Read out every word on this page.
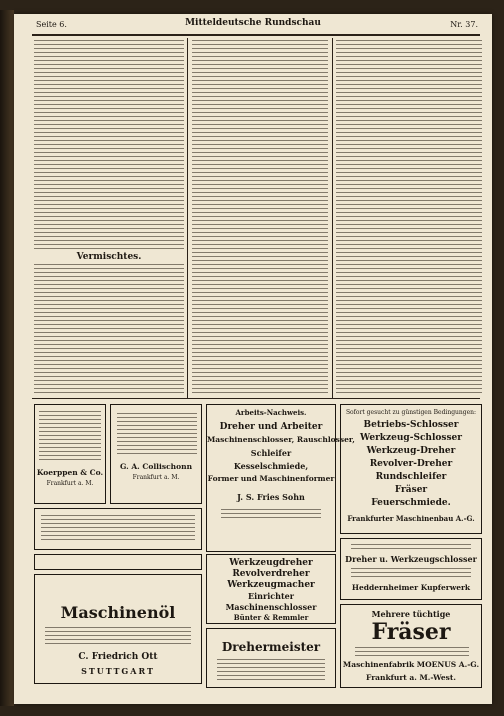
Seite 6.	Mitteldeutsche Rundschau	Nr. 37.
Vermischtes.
Koerppen & Co.
Frankfurt a. M.
G. A. Collischonn
Frankfurt a. M.
Maschinenöl
C. Friedrich Ott
STUTTGART
Arbeits-Nachweis.
Dreher und Arbeiter
Maschinenschlosser, Rauschlosser,
Schleifer
Kesselschmiede,
Former und Maschinenformer
J. S. Fries Sohn
Werkzeugdreher
Revolverdreher
Werkzeugmacher
Einrichter
Maschinenschlosser
Bünter & Remmler
Drehermeister
Sofort gesucht zu günstigen Bedingungen:
Betriebs-Schlosser
Werkzeug-Schlosser
Werkzeug-Dreher
Revolver-Dreher
Rundschleifer
Fräser
Feuerschmiede.
Frankfurter Maschinenbau A.-G.
Dreher u. Werkzeugschlosser
Heddernheimer Kupferwerk
Mehrere tüchtige
Fräser
Maschinenfabrik MOENUS A.-G.
Frankfurt a. M.-West.
